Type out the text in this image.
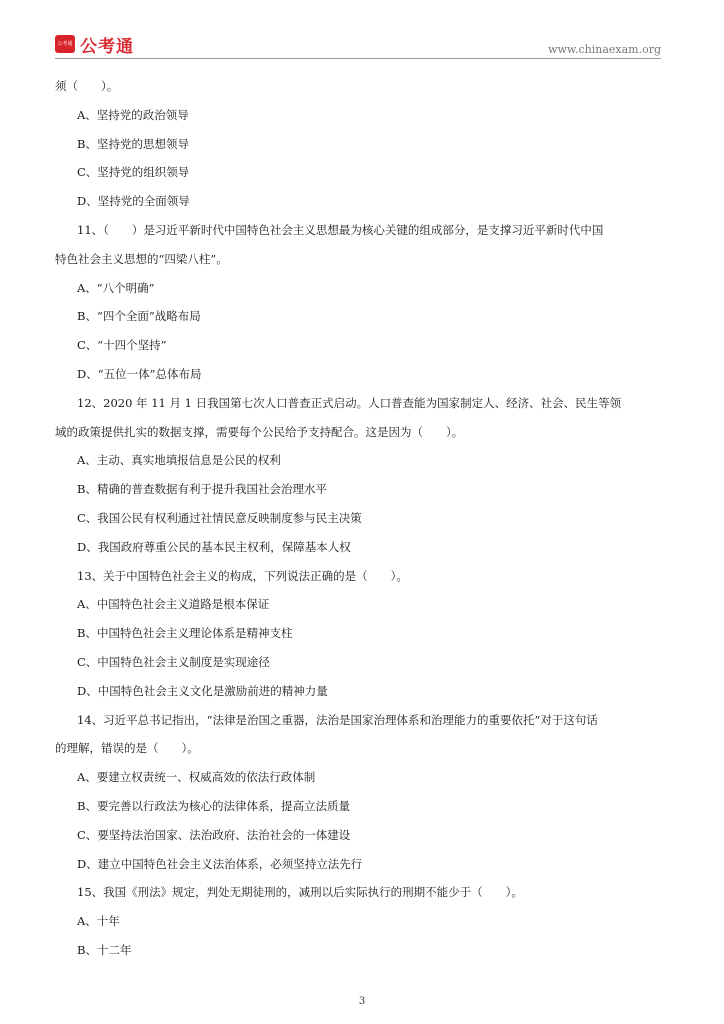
公考通 公考通	www.chinaexam.org
须（　　）。
A、坚持党的政治领导
B、坚持党的思想领导
C、坚持党的组织领导
D、坚持党的全面领导
11、（　　）是习近平新时代中国特色社会主义思想最为核心关键的组成部分，是支撑习近平新时代中国
特色社会主义思想的“四梁八柱”。
A、“八个明确”
B、“四个全面”战略布局
C、“十四个坚持”
D、“五位一体”总体布局
12、2020 年 11 月 1 日我国第七次人口普查正式启动。人口普查能为国家制定人、经济、社会、民生等领
域的政策提供扎实的数据支撑，需要每个公民给予支持配合。这是因为（　　）。
A、主动、真实地填报信息是公民的权利
B、精确的普查数据有利于提升我国社会治理水平
C、我国公民有权利通过社情民意反映制度参与民主决策
D、我国政府尊重公民的基本民主权利，保障基本人权
13、关于中国特色社会主义的构成，下列说法正确的是（　　）。
A、中国特色社会主义道路是根本保证
B、中国特色社会主义理论体系是精神支柱
C、中国特色社会主义制度是实现途径
D、中国特色社会主义文化是激励前进的精神力量
14、习近平总书记指出，“法律是治国之重器，法治是国家治理体系和治理能力的重要依托”对于这句话
的理解，错误的是（　　）。
A、要建立权责统一、权威高效的依法行政体制
B、要完善以行政法为核心的法律体系，提高立法质量
C、要坚持法治国家、法治政府、法治社会的一体建设
D、建立中国特色社会主义法治体系，必须坚持立法先行
15、我国《刑法》规定，判处无期徒刑的，减刑以后实际执行的刑期不能少于（　　）。
A、十年
B、十二年
3
